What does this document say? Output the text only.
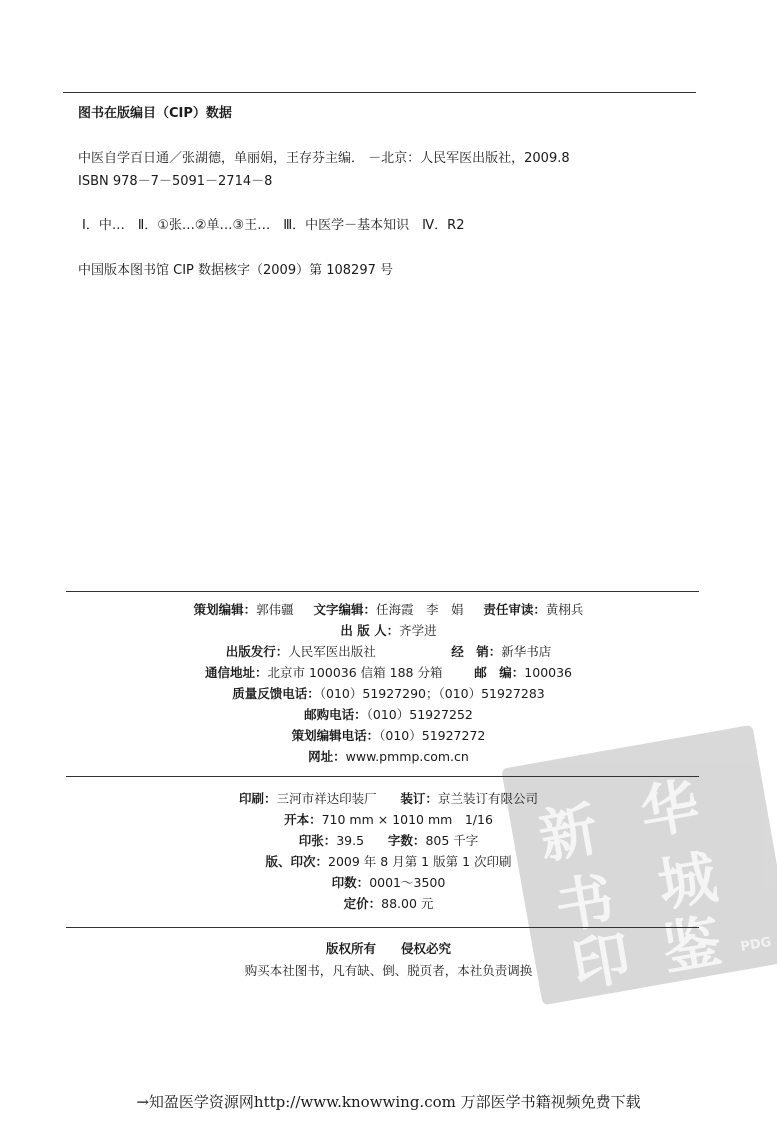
图书在版编目（CIP）数据
中医自学百日通／张湖德，单丽娟，王存芬主编． －北京：人民军医出版社，2009.8
ISBN 978－7－5091－2714－8
Ⅰ．中…　Ⅱ．①张…②单…③王…　Ⅲ．中医学－基本知识　Ⅳ．R2
中国版本图书馆 CIP 数据核字（2009）第 108297 号
新 华
书 城
印 鉴 PDG
策划编辑：郭伟疆 文字编辑：任海霞　李　娟 责任审读：黄栩兵
出 版 人：齐学进
出版发行：人民军医出版社	经　销：新华书店
通信地址：北京市 100036 信箱 188 分箱	邮　编：100036
质量反馈电话：（010）51927290；（010）51927283
邮购电话：（010）51927252
策划编辑电话：（010）51927272
网址：www.pmmp.com.cn
印刷：三河市祥达印装厂 装订：京兰装订有限公司
开本：710 mm × 1010 mm　1/16
印张：39.5 字数：805 千字
版、印次：2009 年 8 月第 1 版第 1 次印刷
印数：0001～3500
定价：88.00 元
版权所有　　侵权必究
购买本社图书，凡有缺、倒、脱页者，本社负责调换
→知盈医学资源网http://www.knowwing.com 万部医学书籍视频免费下载
